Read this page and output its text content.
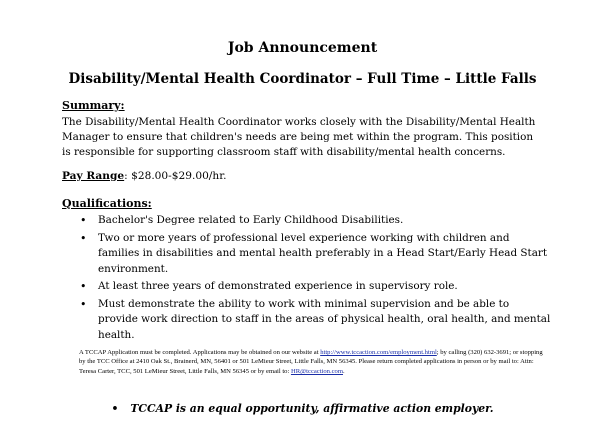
Job Announcement
Disability/Mental Health Coordinator – Full Time – Little Falls
Summary:
The Disability/Mental Health Coordinator works closely with the Disability/Mental Health Manager to ensure that children's needs are being met within the program. This position is responsible for supporting classroom staff with disability/mental health concerns.
Pay Range: $28.00-$29.00/hr.
Qualifications:
• Bachelor's Degree related to Early Childhood Disabilities.
• Two or more years of professional level experience working with children and families in disabilities and mental health preferably in a Head Start/Early Head Start environment.
• At least three years of demonstrated experience in supervisory role.
• Must demonstrate the ability to work with minimal supervision and be able to provide work direction to staff in the areas of physical health, oral health, and mental health.
A TCCAP Application must be completed. Applications may be obtained on our website at http://www.tccaction.com/employment.html; by calling (320) 632-3691; or stopping by the TCC Office at 2410 Oak St., Brainerd, MN, 56401 or 501 LeMieur Street, Little Falls, MN 56345. Please return completed applications in person or by mail to: Attn: Teresa Carter, TCC, 501 LeMieur Street, Little Falls, MN 56345 or by email to: HR@tccaction.com.
• TCCAP is an equal opportunity, affirmative action employer.
